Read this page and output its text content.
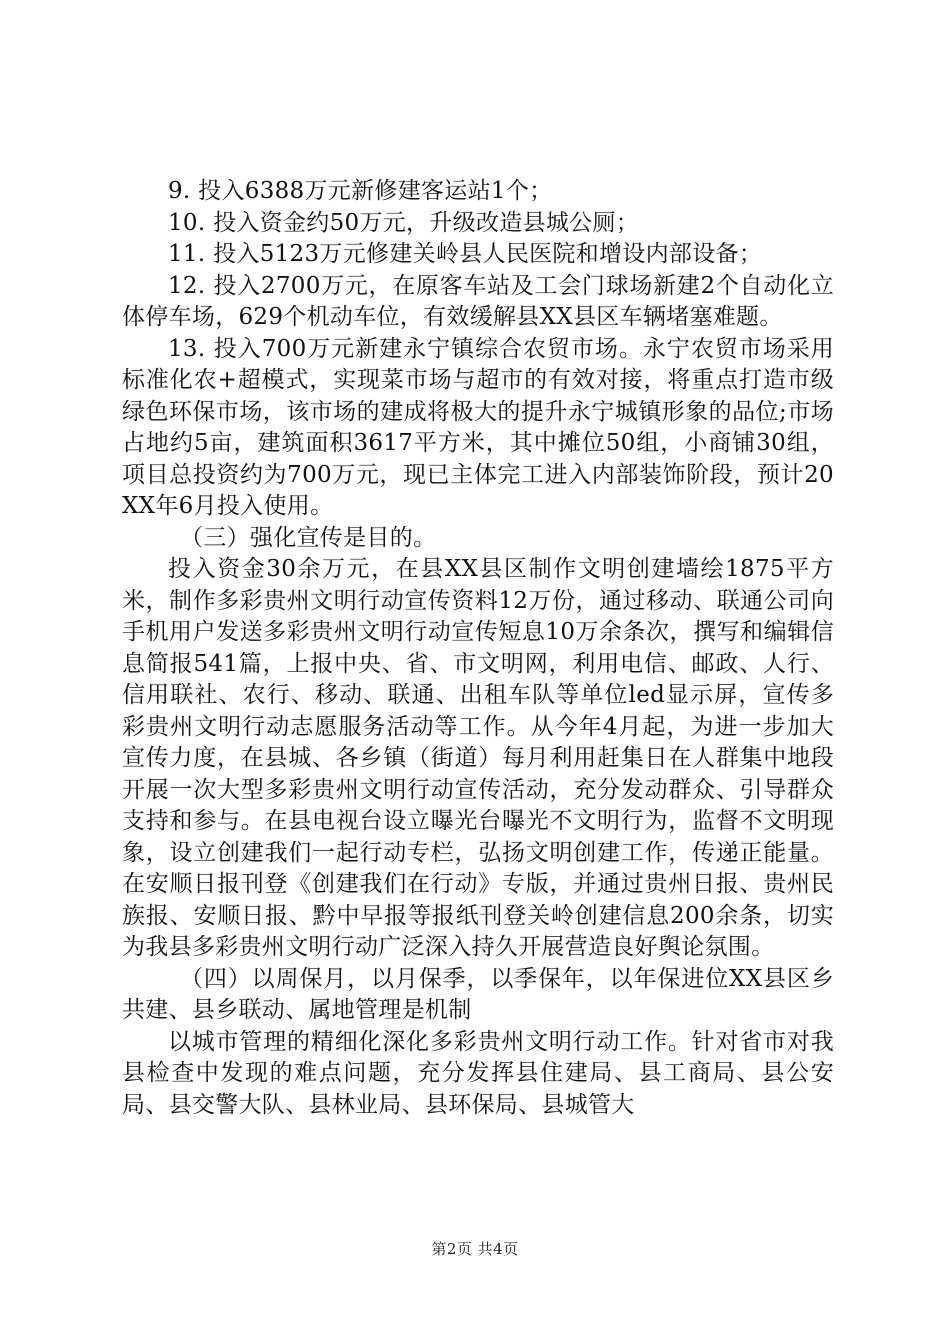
9. 投入6388万元新修建客运站1个；

10. 投入资金约50万元，升级改造县城公厕；

11. 投入5123万元修建关岭县人民医院和增设内部设备；

12. 投入2700万元，在原客车站及工会门球场新建2个自动化立体停车场，629个机动车位，有效缓解县XX县区车辆堵塞难题。

13. 投入700万元新建永宁镇综合农贸市场。永宁农贸市场采用标准化农+超模式，实现菜市场与超市的有效对接，将重点打造市级绿色环保市场，该市场的建成将极大的提升永宁城镇形象的品位;市场占地约5亩，建筑面积3617平方米，其中摊位50组，小商铺30组，项目总投资约为700万元，现已主体完工进入内部装饰阶段，预计20XX年6月投入使用。

（三）强化宣传是目的。

投入资金30余万元，在县XX县区制作文明创建墙绘1875平方米，制作多彩贵州文明行动宣传资料12万份，通过移动、联通公司向手机用户发送多彩贵州文明行动宣传短息10万余条次，撰写和编辑信息简报541篇，上报中央、省、市文明网，利用电信、邮政、人行、信用联社、农行、移动、联通、出租车队等单位led显示屏，宣传多彩贵州文明行动志愿服务活动等工作。从今年4月起，为进一步加大宣传力度，在县城、各乡镇（街道）每月利用赶集日在人群集中地段开展一次大型多彩贵州文明行动宣传活动，充分发动群众、引导群众支持和参与。在县电视台设立曝光台曝光不文明行为，监督不文明现象，设立创建我们一起行动专栏，弘扬文明创建工作，传递正能量。在安顺日报刊登《创建我们在行动》专版，并通过贵州日报、贵州民族报、安顺日报、黔中早报等报纸刊登关岭创建信息200余条，切实为我县多彩贵州文明行动广泛深入持久开展营造良好舆论氛围。

（四）以周保月，以月保季，以季保年，以年保进位XX县区乡共建、县乡联动、属地管理是机制

以城市管理的精细化深化多彩贵州文明行动工作。针对省市对我县检查中发现的难点问题，充分发挥县住建局、县工商局、县公安局、县交警大队、县林业局、县环保局、县城管大

第2页 共4页
